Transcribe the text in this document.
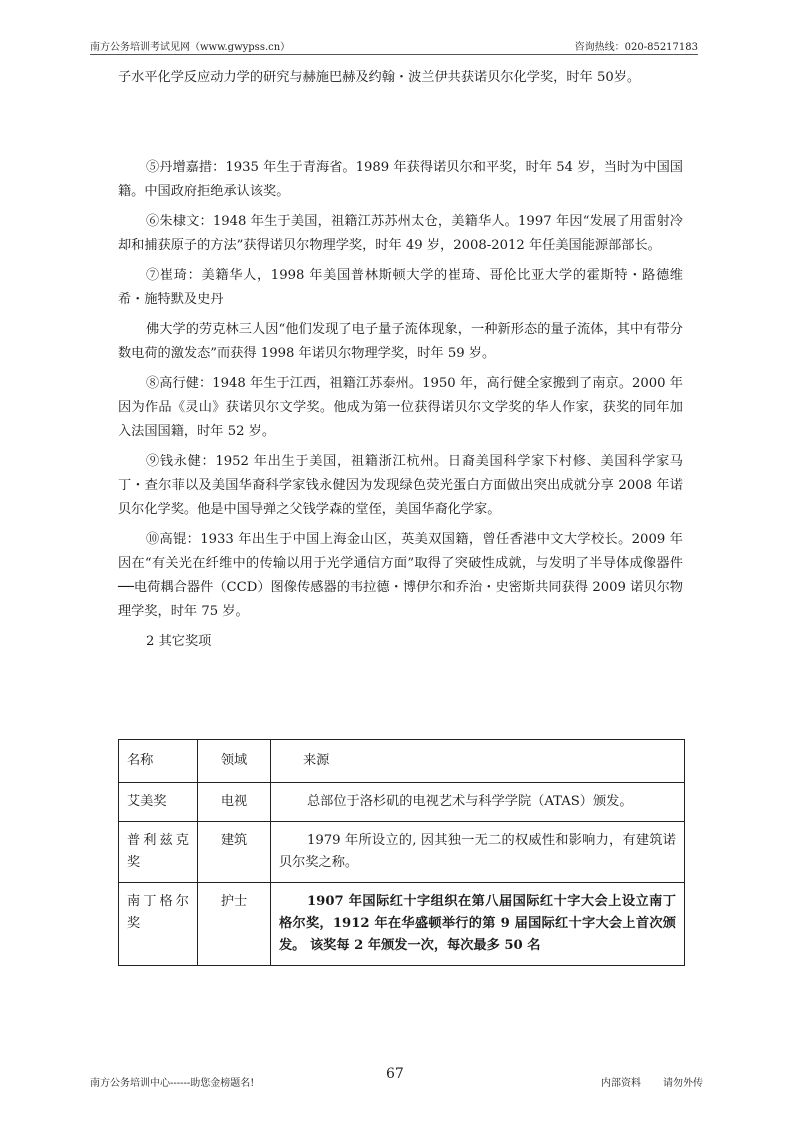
南方公务培训考试见网（www.gwypss.cn）	咨询热线：020-85217183

子水平化学反应动力学的研究与赫施巴赫及约翰・波兰伊共获诺贝尔化学奖，时年 50岁。

⑤丹增嘉措：1935 年生于青海省。1989 年获得诺贝尔和平奖，时年 54 岁，当时为中国国籍。中国政府拒绝承认该奖。

⑥朱棣文：1948 年生于美国，祖籍江苏苏州太仓，美籍华人。1997 年因“发展了用雷射冷却和捕获原子的方法”获得诺贝尔物理学奖，时年 49 岁，2008-2012 年任美国能源部部长。

⑦崔琦：美籍华人，1998 年美国普林斯顿大学的崔琦、哥伦比亚大学的霍斯特・路德维希・施特默及史丹

佛大学的劳克林三人因“他们发现了电子量子流体现象，一种新形态的量子流体，其中有带分数电荷的激发态”而获得 1998 年诺贝尔物理学奖，时年 59 岁。

⑧高行健：1948 年生于江西，祖籍江苏泰州。1950 年，高行健全家搬到了南京。2000 年因为作品《灵山》获诺贝尔文学奖。他成为第一位获得诺贝尔文学奖的华人作家，获奖的同年加入法国国籍，时年 52 岁。

⑨钱永健：1952 年出生于美国，祖籍浙江杭州。日裔美国科学家下村修、美国科学家马丁・查尔菲以及美国华裔科学家钱永健因为发现绿色荧光蛋白方面做出突出成就分享 2008 年诺贝尔化学奖。他是中国导弹之父钱学森的堂侄，美国华裔化学家。

⑩高锟：1933 年出生于中国上海金山区，英美双国籍，曾任香港中文大学校长。2009 年因在“有关光在纤维中的传输以用于光学通信方面”取得了突破性成就，与发明了半导体成像器件──电荷耦合器件（CCD）图像传感器的韦拉德・博伊尔和乔治・史密斯共同获得 2009 诺贝尔物理学奖，时年 75 岁。

2 其它奖项

名称	领域	来源
艾美奖	电视	总部位于洛杉矶的电视艺术与科学学院（ATAS）颁发。

普利兹克奖	建筑	1979 年所设立的, 因其独一无二的权威性和影响力，有建筑诺贝尔奖之称。

南丁格尔奖	护士	1907 年国际红十字组织在第八届国际红十字大会上设立南丁格尔奖，1912 年在华盛顿举行的第 9 届国际红十字大会上首次颁发。 该奖每 2 年颁发一次，每次最多 50 名
南方公务培训中心------助您金榜题名!
67
内部资料 请勿外传
